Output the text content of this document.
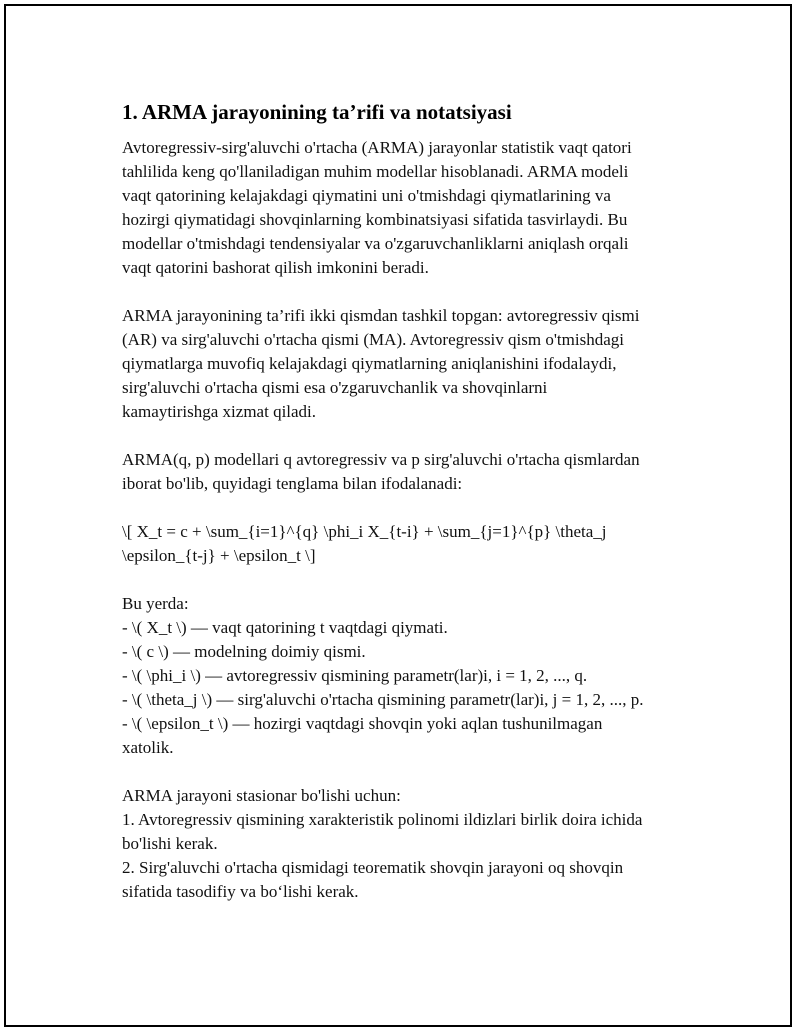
1. ARMA jarayonining ta’rifi va notatsiyasi

Avtoregressiv-sirg'aluvchi o'rtacha (ARMA) jarayonlar statistik vaqt qatori
tahlilida keng qo'llaniladigan muhim modellar hisoblanadi. ARMA modeli
vaqt qatorining kelajakdagi qiymatini uni o'tmishdagi qiymatlarining va
hozirgi qiymatidagi shovqinlarning kombinatsiyasi sifatida tasvirlaydi. Bu
modellar o'tmishdagi tendensiyalar va o'zgaruvchanliklarni aniqlash orqali
vaqt qatorini bashorat qilish imkonini beradi.

ARMA jarayonining ta’rifi ikki qismdan tashkil topgan: avtoregressiv qismi
(AR) va sirg'aluvchi o'rtacha qismi (MA). Avtoregressiv qism o'tmishdagi
qiymatlarga muvofiq kelajakdagi qiymatlarning aniqlanishini ifodalaydi,
sirg'aluvchi o'rtacha qismi esa o'zgaruvchanlik va shovqinlarni
kamaytirishga xizmat qiladi.

ARMA(q, p) modellari q avtoregressiv va p sirg'aluvchi o'rtacha qismlardan
iborat bo'lib, quyidagi tenglama bilan ifodalanadi:

\[ X_t = c + \sum_{i=1}^{q} \phi_i X_{t-i} + \sum_{j=1}^{p} \theta_j
\epsilon_{t-j} + \epsilon_t \]

Bu yerda:
- \( X_t \) — vaqt qatorining t vaqtdagi qiymati.
- \( c \) — modelning doimiy qismi.
- \( \phi_i \) — avtoregressiv qismining parametr(lar)i, i = 1, 2, ..., q.
- \( \theta_j \) — sirg'aluvchi o'rtacha qismining parametr(lar)i, j = 1, 2, ..., p.
- \( \epsilon_t \) — hozirgi vaqtdagi shovqin yoki aqlan tushunilmagan
xatolik.

ARMA jarayoni stasionar bo'lishi uchun:
1. Avtoregressiv qismining xarakteristik polinomi ildizlari birlik doira ichida
bo'lishi kerak.
2. Sirg'aluvchi o'rtacha qismidagi teorematik shovqin jarayoni oq shovqin
sifatida tasodifiy va bo‘lishi kerak.
